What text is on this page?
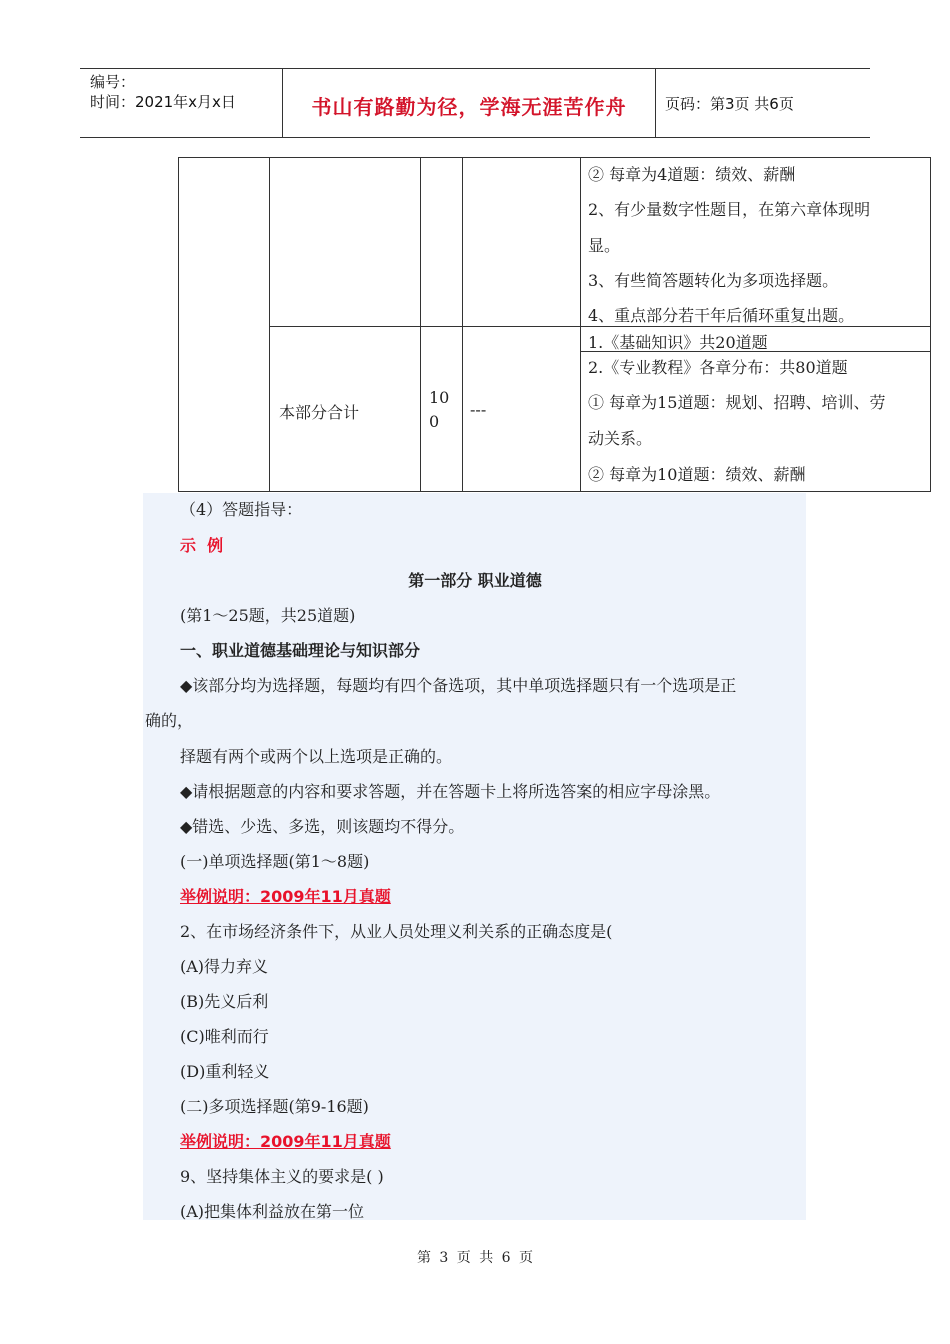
编号：
时间：2021年x月x日	书山有路勤为径，学海无涯苦作舟	页码：第3页 共6页
② 每章为4道题：绩效、薪酬
2、有少量数字性题目，在第六章体现明
显。
3、有些简答题转化为多项选择题。
4、重点部分若干年后循环重复出题。
本部分合计
10
0
---
1.《基础知识》共20道题
2.《专业教程》各章分布：共80道题
① 每章为15道题：规划、招聘、培训、劳
动关系。
② 每章为10道题：绩效、薪酬
（4）答题指导：
示  例
第一部分 职业道德
(第1～25题，共25道题)
一、职业道德基础理论与知识部分
◆该部分均为选择题，每题均有四个备选项，其中单项选择题只有一个选项是正
确的，
择题有两个或两个以上选项是正确的。
◆请根据题意的内容和要求答题，并在答题卡上将所选答案的相应字母涂黑。
◆错选、少选、多选，则该题均不得分。
(一)单项选择题(第1～8题)
举例说明：2009年11月真题
2、在市场经济条件下，从业人员处理义利关系的正确态度是(
(A)得力弃义
(B)先义后利
(C)唯利而行
(D)重利轻义
(二)多项选择题(第9-16题)
举例说明：2009年11月真题
9、坚持集体主义的要求是( )
(A)把集体利益放在第一位
第 3 页 共 6 页
